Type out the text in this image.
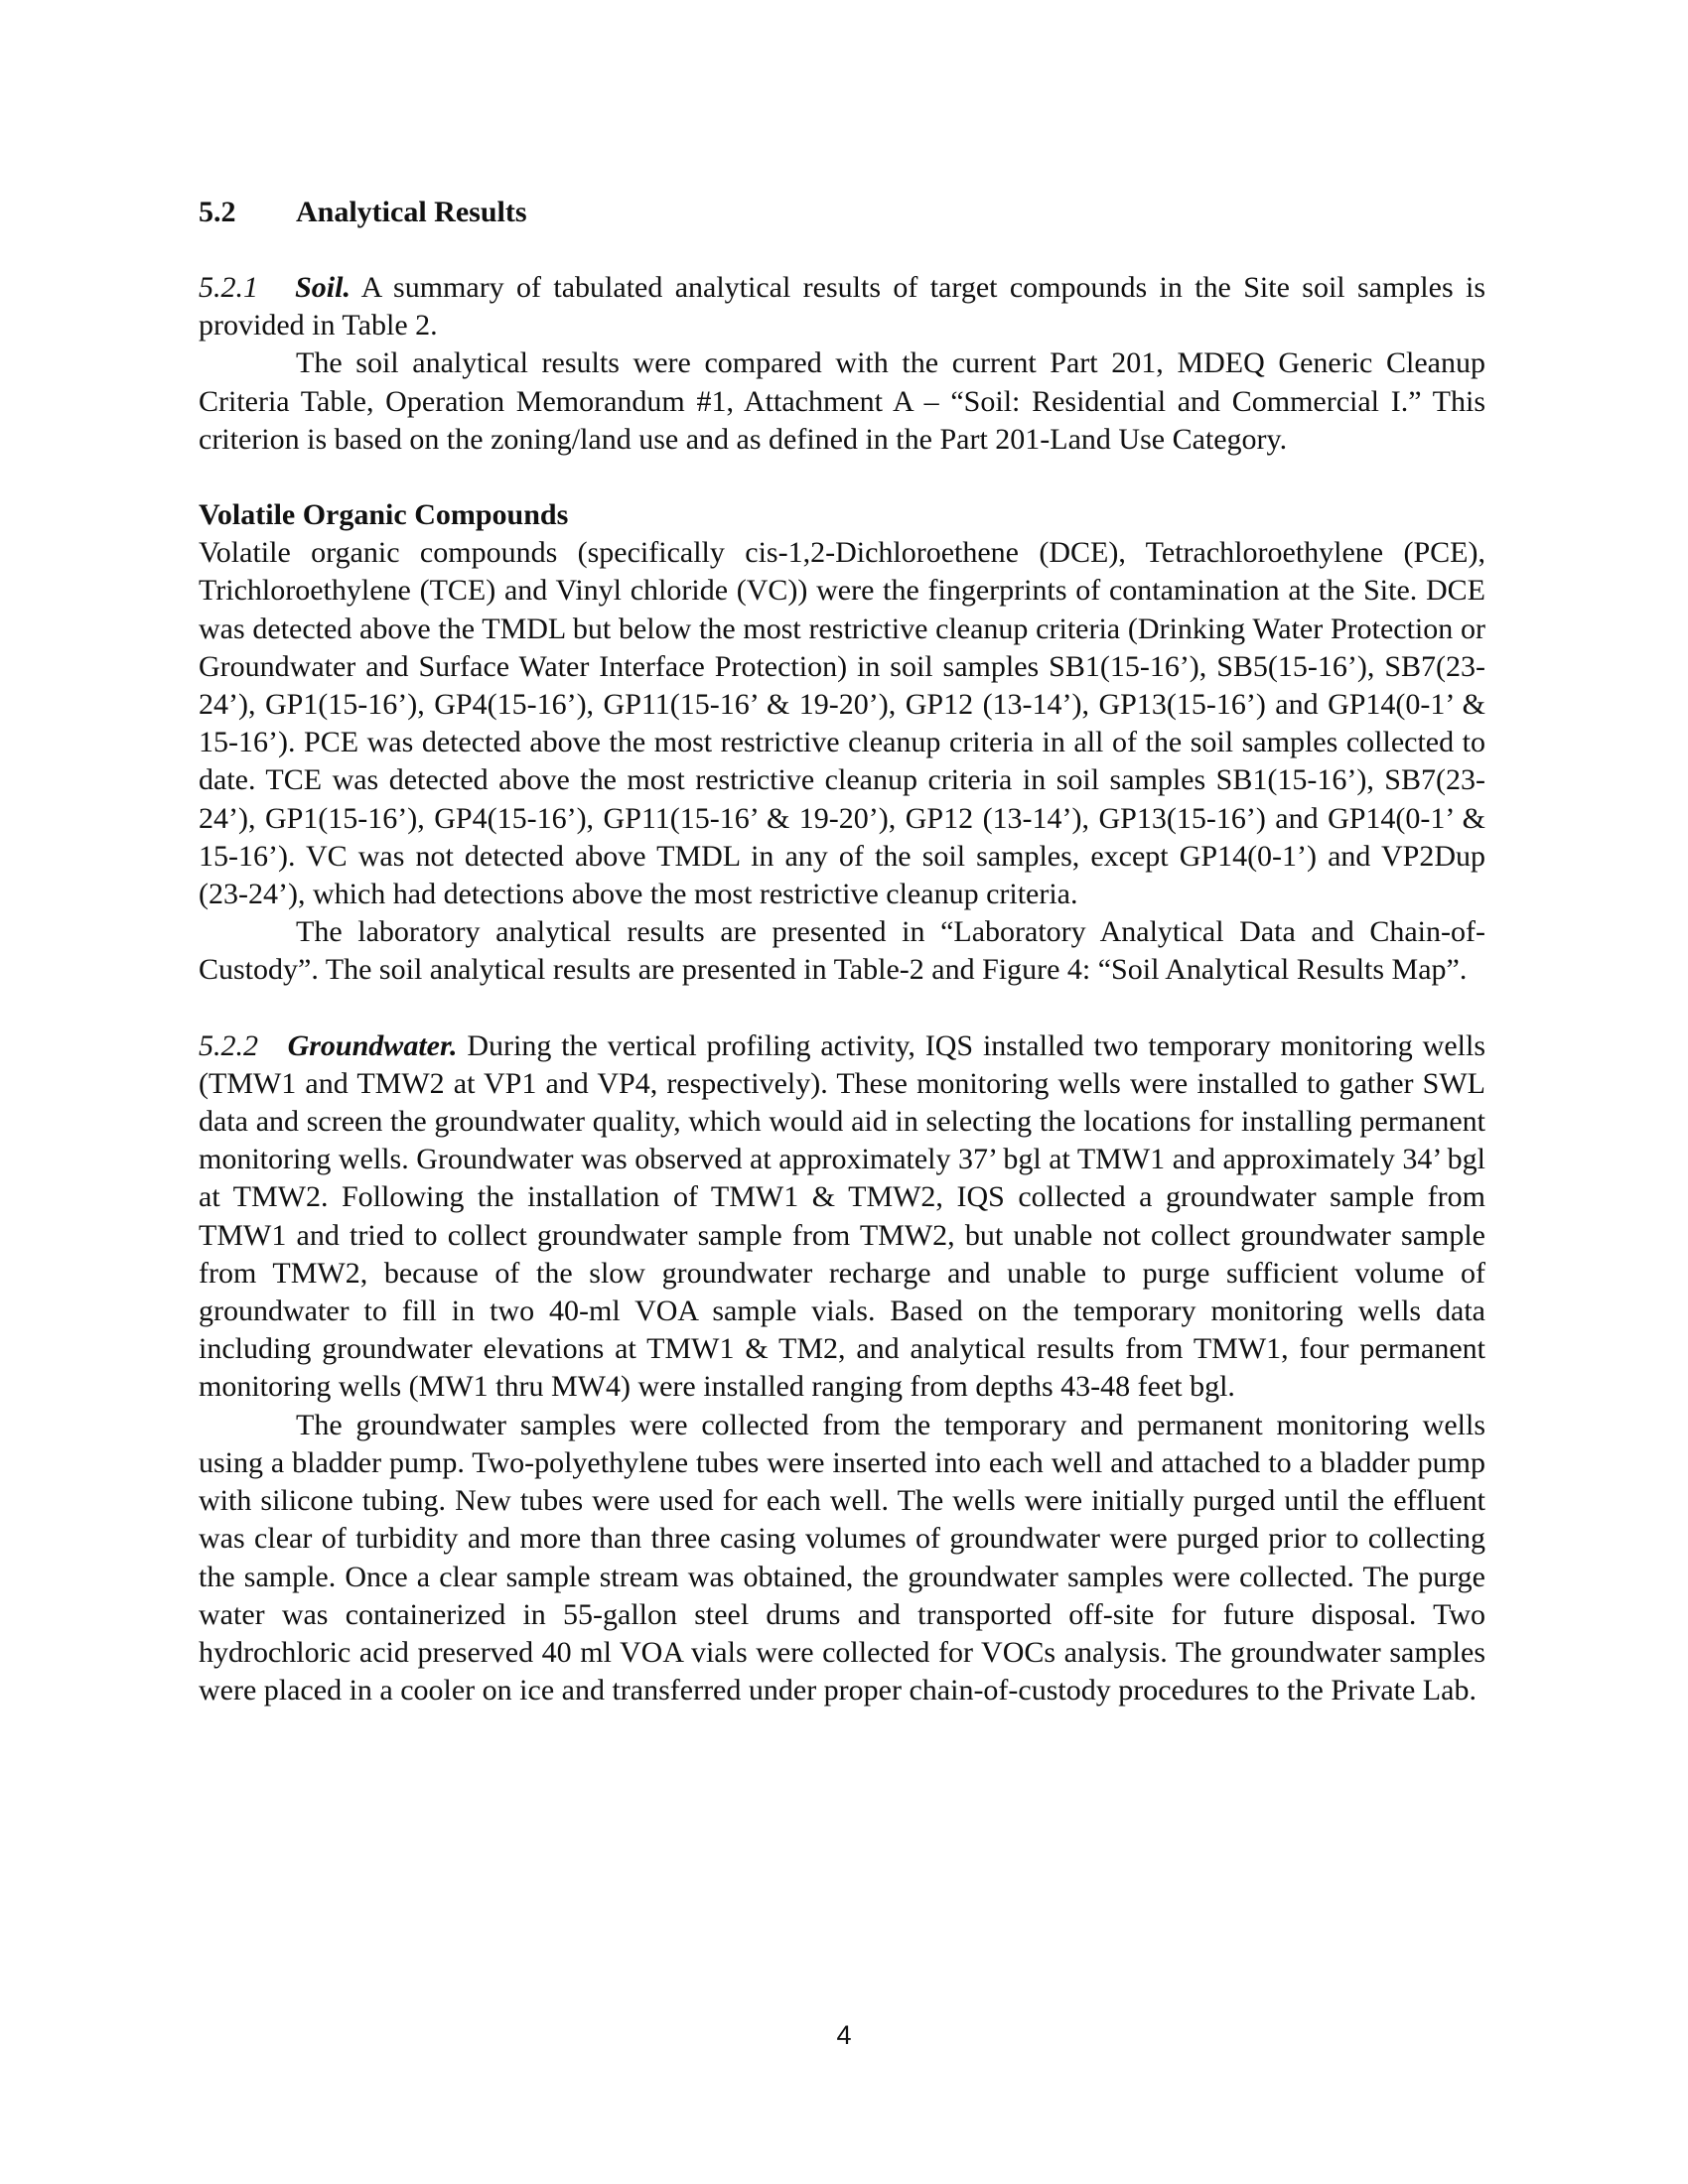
5.2 Analytical Results

5.2.1 Soil. A summary of tabulated analytical results of target compounds in the Site soil samples is provided in Table 2.

The soil analytical results were compared with the current Part 201, MDEQ Generic Cleanup Criteria Table, Operation Memorandum #1, Attachment A – “Soil: Residential and Commercial I.” This criterion is based on the zoning/land use and as defined in the Part 201-Land Use Category.

Volatile Organic Compounds

Volatile organic compounds (specifically cis-1,2-Dichloroethene (DCE), Tetrachloroethylene (PCE), Trichloroethylene (TCE) and Vinyl chloride (VC)) were the fingerprints of contamination at the Site. DCE was detected above the TMDL but below the most restrictive cleanup criteria (Drinking Water Protection or Groundwater and Surface Water Interface Protection) in soil samples SB1(15-16’), SB5(15-16’), SB7(23-24’), GP1(15-16’), GP4(15-16’), GP11(15-16’ & 19-20’), GP12 (13-14’), GP13(15-16’) and GP14(0-1’ & 15-16’). PCE was detected above the most restrictive cleanup criteria in all of the soil samples collected to date. TCE was detected above the most restrictive cleanup criteria in soil samples SB1(15-16’), SB7(23-24’), GP1(15-16’), GP4(15-16’), GP11(15-16’ & 19-20’), GP12 (13-14’), GP13(15-16’) and GP14(0-1’ & 15-16’). VC was not detected above TMDL in any of the soil samples, except GP14(0-1’) and VP2Dup (23-24’), which had detections above the most restrictive cleanup criteria.

The laboratory analytical results are presented in “Laboratory Analytical Data and Chain-of-Custody”. The soil analytical results are presented in Table-2 and Figure 4: “Soil Analytical Results Map”.

5.2.2 Groundwater. During the vertical profiling activity, IQS installed two temporary monitoring wells (TMW1 and TMW2 at VP1 and VP4, respectively). These monitoring wells were installed to gather SWL data and screen the groundwater quality, which would aid in selecting the locations for installing permanent monitoring wells. Groundwater was observed at approximately 37’ bgl at TMW1 and approximately 34’ bgl at TMW2. Following the installation of TMW1 & TMW2, IQS collected a groundwater sample from TMW1 and tried to collect groundwater sample from TMW2, but unable not collect groundwater sample from TMW2, because of the slow groundwater recharge and unable to purge sufficient volume of groundwater to fill in two 40-ml VOA sample vials. Based on the temporary monitoring wells data including groundwater elevations at TMW1 & TM2, and analytical results from TMW1, four permanent monitoring wells (MW1 thru MW4) were installed ranging from depths 43-48 feet bgl.

The groundwater samples were collected from the temporary and permanent monitoring wells using a bladder pump. Two-polyethylene tubes were inserted into each well and attached to a bladder pump with silicone tubing. New tubes were used for each well. The wells were initially purged until the effluent was clear of turbidity and more than three casing volumes of groundwater were purged prior to collecting the sample. Once a clear sample stream was obtained, the groundwater samples were collected. The purge water was containerized in 55-gallon steel drums and transported off-site for future disposal. Two hydrochloric acid preserved 40 ml VOA vials were collected for VOCs analysis. The groundwater samples were placed in a cooler on ice and transferred under proper chain-of-custody procedures to the Private Lab.

4
